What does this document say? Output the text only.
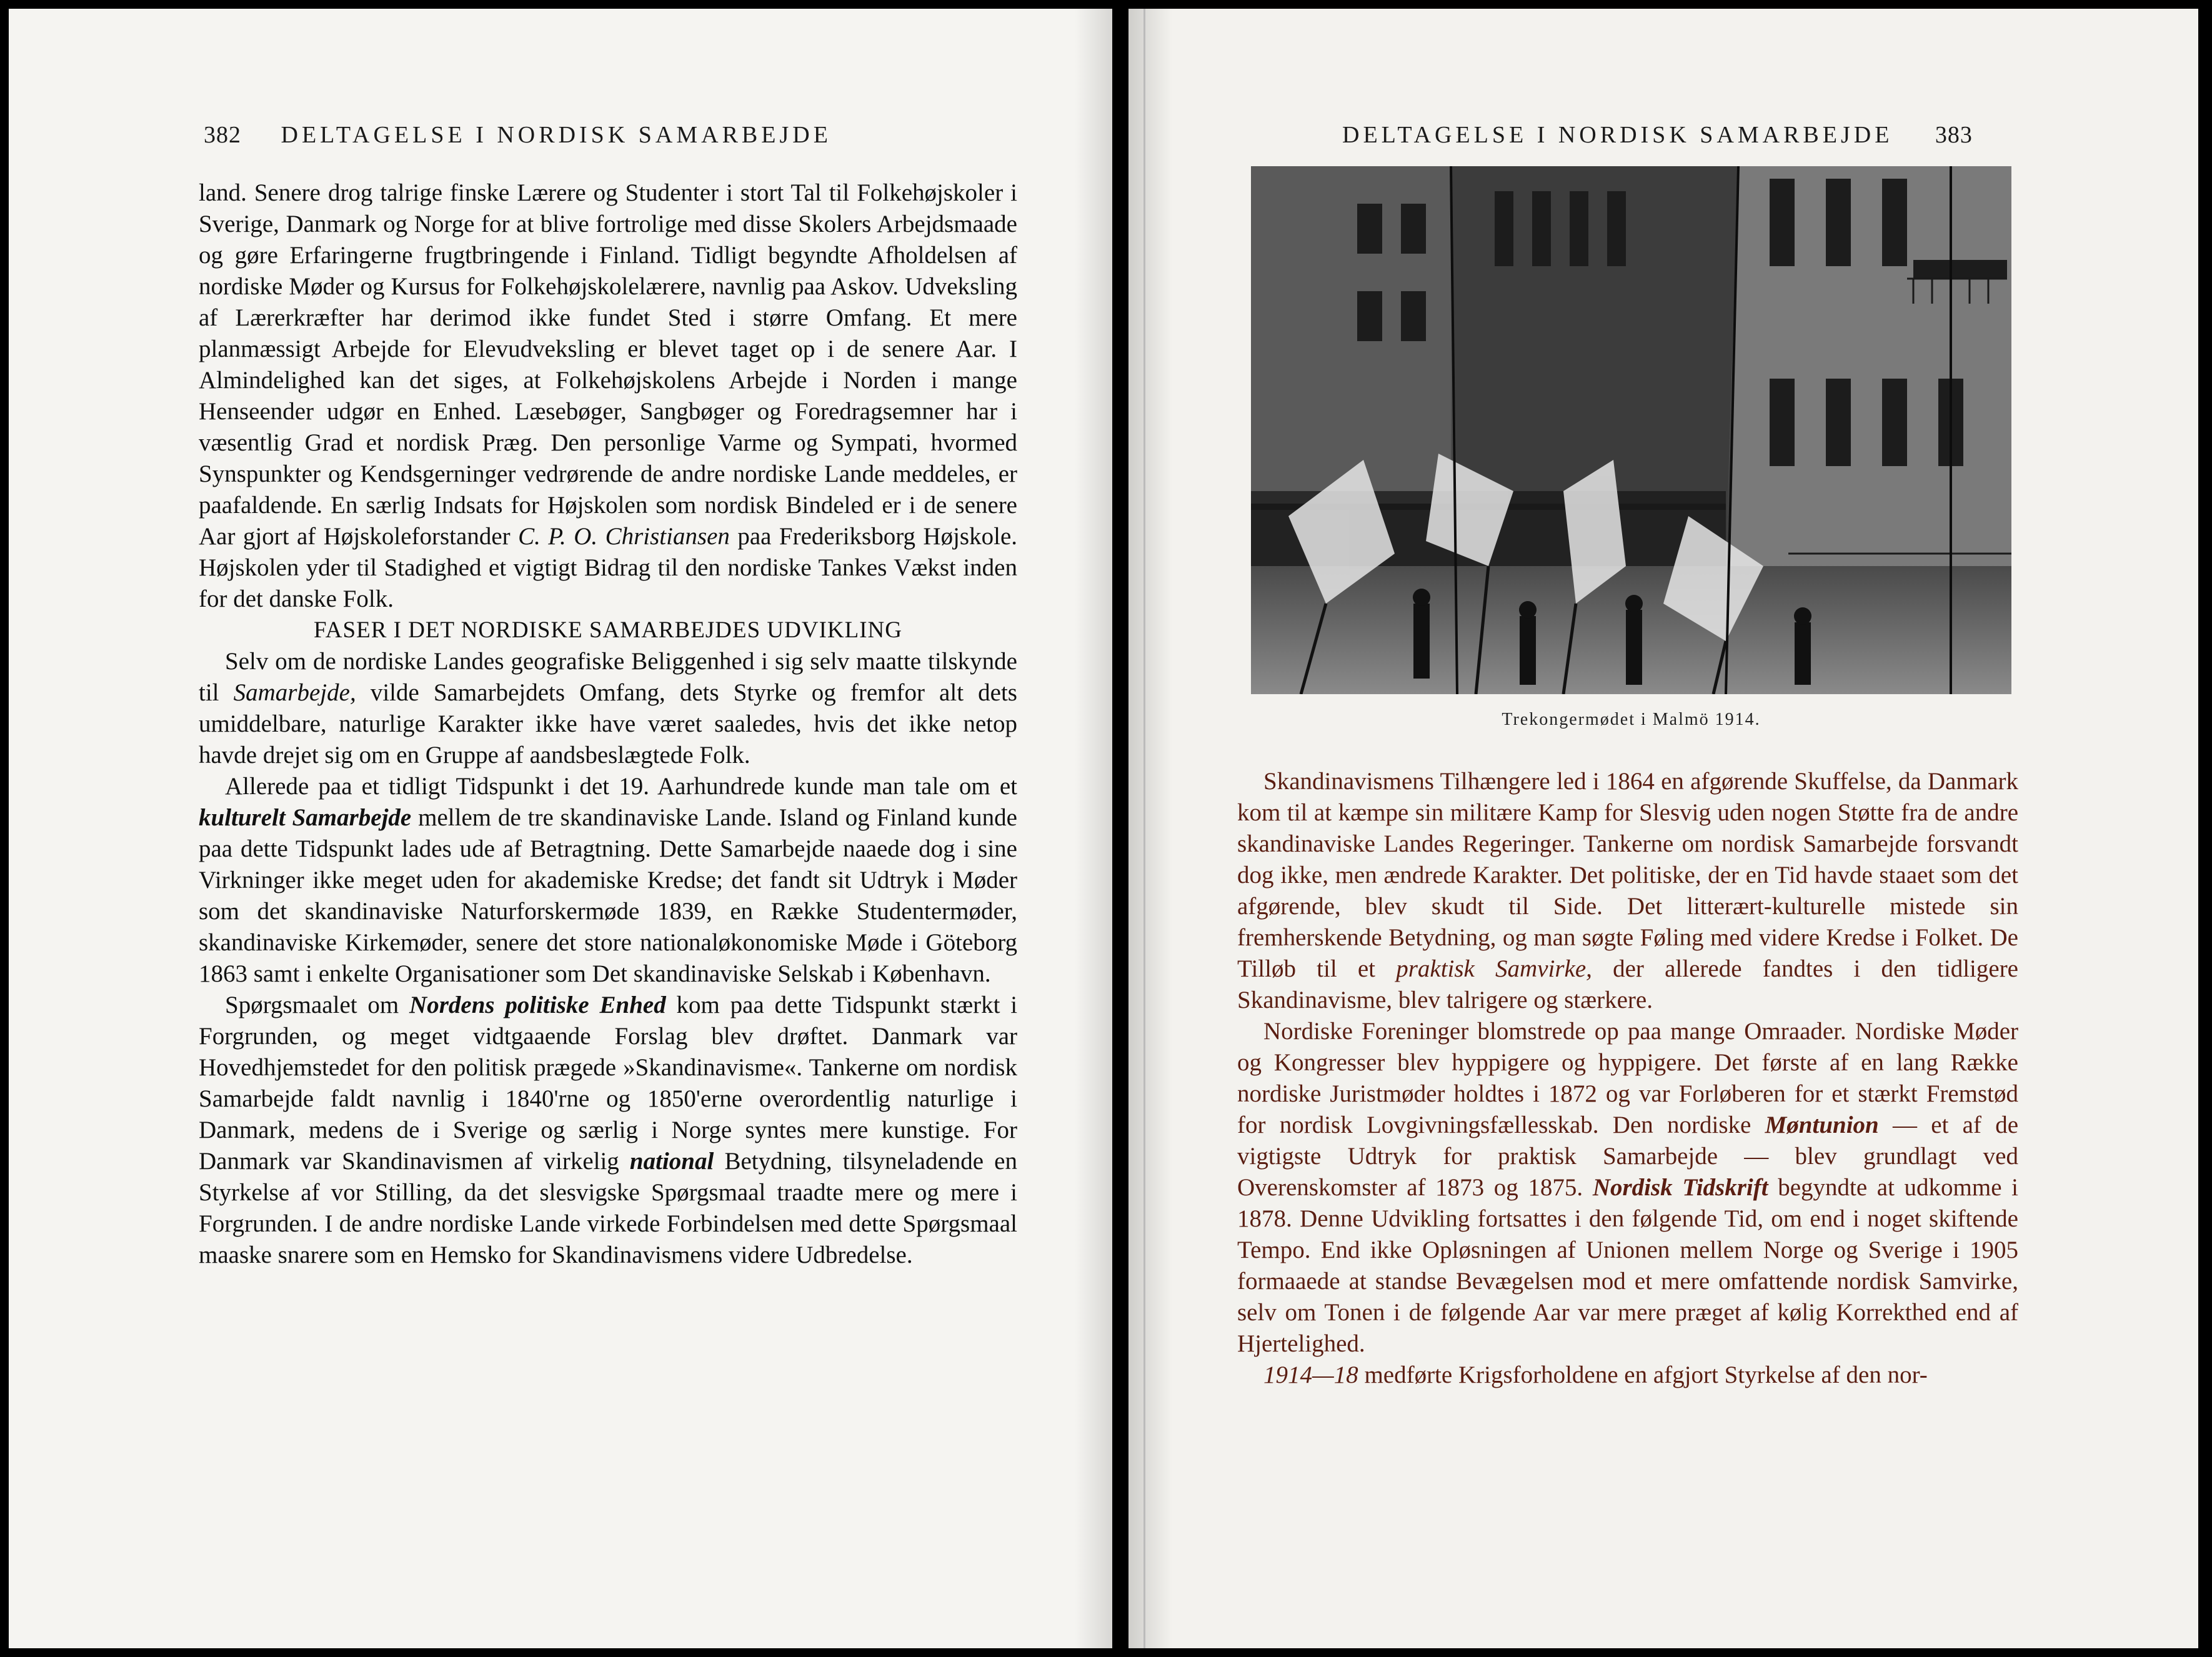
382 DELTAGELSE I NORDISK SAMARBEJDE

land. Senere drog talrige finske Lærere og Studenter i stort Tal til Folkehøjskoler i Sverige, Danmark og Norge for at blive fortrolige med disse Skolers Arbejdsmaade og gøre Erfaringerne frugtbringende i Finland. Tidligt begyndte Afholdelsen af nordiske Møder og Kursus for Folkehøjskolelærere, navnlig paa Askov. Udveksling af Lærerkræfter har derimod ikke fundet Sted i større Omfang. Et mere planmæssigt Arbejde for Elevudveksling er blevet taget op i de senere Aar. I Almindelighed kan det siges, at Folkehøjskolens Arbejde i Norden i mange Henseender udgør en Enhed. Læsebøger, Sangbøger og Foredragsemner har i væsentlig Grad et nordisk Præg. Den personlige Varme og Sympati, hvormed Synspunkter og Kendsgerninger vedrørende de andre nordiske Lande meddeles, er paafaldende. En særlig Indsats for Højskolen som nordisk Bindeled er i de senere Aar gjort af Højskoleforstander C. P. O. Christiansen paa Frederiksborg Højskole. Højskolen yder til Stadighed et vigtigt Bidrag til den nordiske Tankes Vækst inden for det danske Folk.

FASER I DET NORDISKE SAMARBEJDES UDVIKLING

Selv om de nordiske Landes geografiske Beliggenhed i sig selv maatte tilskynde til Samarbejde, vilde Samarbejdets Omfang, dets Styrke og fremfor alt dets umiddelbare, naturlige Karakter ikke have været saaledes, hvis det ikke netop havde drejet sig om en Gruppe af aandsbeslægtede Folk.

Allerede paa et tidligt Tidspunkt i det 19. Aarhundrede kunde man tale om et kulturelt Samarbejde mellem de tre skandinaviske Lande. Island og Finland kunde paa dette Tidspunkt lades ude af Betragtning. Dette Samarbejde naaede dog i sine Virkninger ikke meget uden for akademiske Kredse; det fandt sit Udtryk i Møder som det skandinaviske Naturforskermøde 1839, en Række Studentermøder, skandinaviske Kirkemøder, senere det store nationaløkonomiske Møde i Göteborg 1863 samt i enkelte Organisationer som Det skandinaviske Selskab i København.

Spørgsmaalet om Nordens politiske Enhed kom paa dette Tidspunkt stærkt i Forgrunden, og meget vidtgaaende Forslag blev drøftet. Danmark var Hovedhjemstedet for den politisk prægede »Skandinavisme«. Tankerne om nordisk Samarbejde faldt navnlig i 1840'rne og 1850'erne overordentlig naturlige i Danmark, medens de i Sverige og særlig i Norge syntes mere kunstige. For Danmark var Skandinavismen af virkelig national Betydning, tilsyneladende en Styrkelse af vor Stilling, da det slesvigske Spørgsmaal traadte mere og mere i Forgrunden. I de andre nordiske Lande virkede Forbindelsen med dette Spørgsmaal maaske snarere som en Hemsko for Skandinavismens videre Udbredelse.

DELTAGELSE I NORDISK SAMARBEJDE 383
Trekongermødet i Malmö 1914.

Skandinavismens Tilhængere led i 1864 en afgørende Skuffelse, da Danmark kom til at kæmpe sin militære Kamp for Slesvig uden nogen Støtte fra de andre skandinaviske Landes Regeringer. Tankerne om nordisk Samarbejde forsvandt dog ikke, men ændrede Karakter. Det politiske, der en Tid havde staaet som det afgørende, blev skudt til Side. Det litterært-kulturelle mistede sin fremherskende Betydning, og man søgte Føling med videre Kredse i Folket. De Tilløb til et praktisk Samvirke, der allerede fandtes i den tidligere Skandinavisme, blev talrigere og stærkere.

Nordiske Foreninger blomstrede op paa mange Omraader. Nordiske Møder og Kongresser blev hyppigere og hyppigere. Det første af en lang Række nordiske Juristmøder holdtes i 1872 og var Forløberen for et stærkt Fremstød for nordisk Lovgivningsfællesskab. Den nordiske Møntunion — et af de vigtigste Udtryk for praktisk Samarbejde — blev grundlagt ved Overenskomster af 1873 og 1875. Nordisk Tidskrift begyndte at udkomme i 1878. Denne Udvikling fortsattes i den følgende Tid, om end i noget skiftende Tempo. End ikke Opløsningen af Unionen mellem Norge og Sverige i 1905 formaaede at standse Bevægelsen mod et mere omfattende nordisk Samvirke, selv om Tonen i de følgende Aar var mere præget af kølig Korrekthed end af Hjertelighed.

1914—18 medførte Krigsforholdene en afgjort Styrkelse af den nor-
